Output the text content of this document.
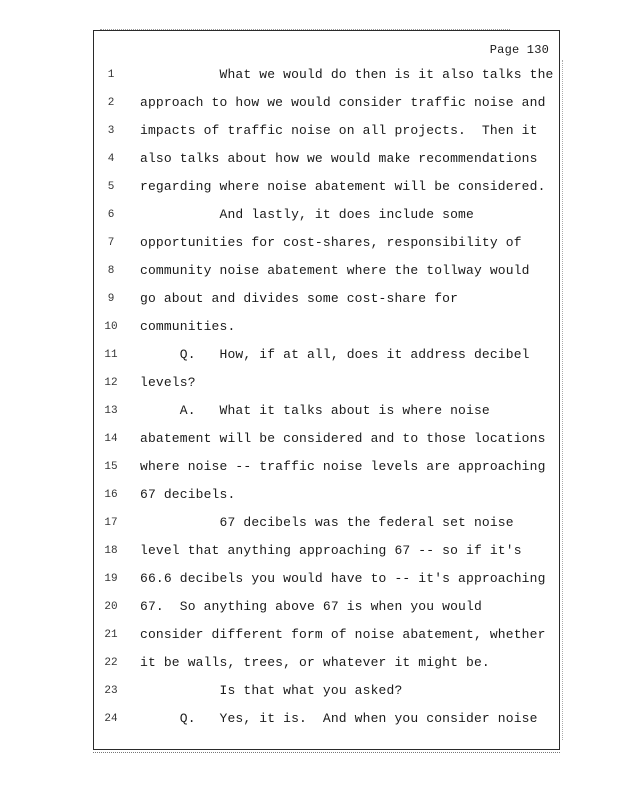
Page 130
1	What we would do then is it also talks the
2	approach to how we would consider traffic noise and
3	impacts of traffic noise on all projects.  Then it
4	also talks about how we would make recommendations
5	regarding where noise abatement will be considered.
6	And lastly, it does include some
7	opportunities for cost-shares, responsibility of
8	community noise abatement where the tollway would
9	go about and divides some cost-share for
10	communities.
11	Q.   How, if at all, does it address decibel
12	levels?
13	A.   What it talks about is where noise
14	abatement will be considered and to those locations
15	where noise -- traffic noise levels are approaching
16	67 decibels.
17	67 decibels was the federal set noise
18	level that anything approaching 67 -- so if it's
19	66.6 decibels you would have to -- it's approaching
20	67.  So anything above 67 is when you would
21	consider different form of noise abatement, whether
22	it be walls, trees, or whatever it might be.
23	Is that what you asked?
24	Q.   Yes, it is.  And when you consider noise
